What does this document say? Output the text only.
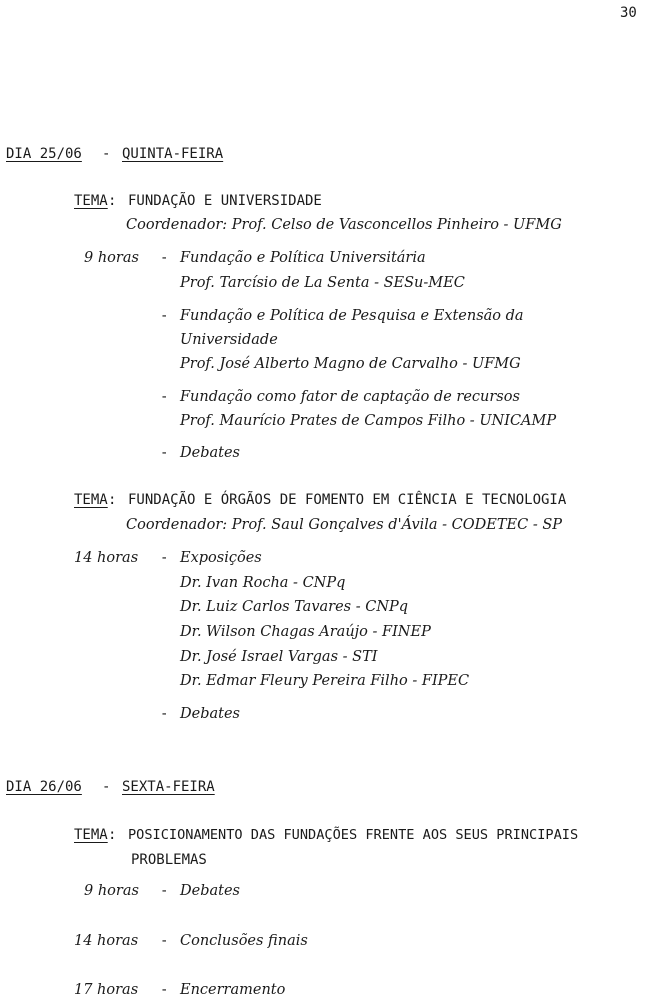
30
DIA 25/06 - QUINTA-FEIRA
TEMA : FUNDAÇÃO E UNIVERSIDADE
Coordenador: Prof. Celso de Vasconcellos Pinheiro - UFMG
9 horas - Fundação e Política Universitária
Prof. Tarcísio de La Senta - SESu-MEC
- Fundação e Política de Pesquisa e Extensão da
Universidade
Prof. José Alberto Magno de Carvalho - UFMG
- Fundação como fator de captação de recursos
Prof. Maurício Prates de Campos Filho - UNICAMP
- Debates
TEMA : FUNDAÇÃO E ÓRGÃOS DE FOMENTO EM CIÊNCIA E TECNOLOGIA
Coordenador: Prof. Saul Gonçalves d'Ávila - CODETEC - SP
14 horas - Exposições
Dr. Ivan Rocha - CNPq
Dr. Luiz Carlos Tavares - CNPq
Dr. Wilson Chagas Araújo - FINEP
Dr. José Israel Vargas - STI
Dr. Edmar Fleury Pereira Filho - FIPEC
- Debates
DIA 26/06 - SEXTA-FEIRA
TEMA : POSICIONAMENTO DAS FUNDAÇÕES FRENTE AOS SEUS PRINCIPAIS
PROBLEMAS
9 horas - Debates
14 horas - Conclusões finais
17 horas - Encerramento
